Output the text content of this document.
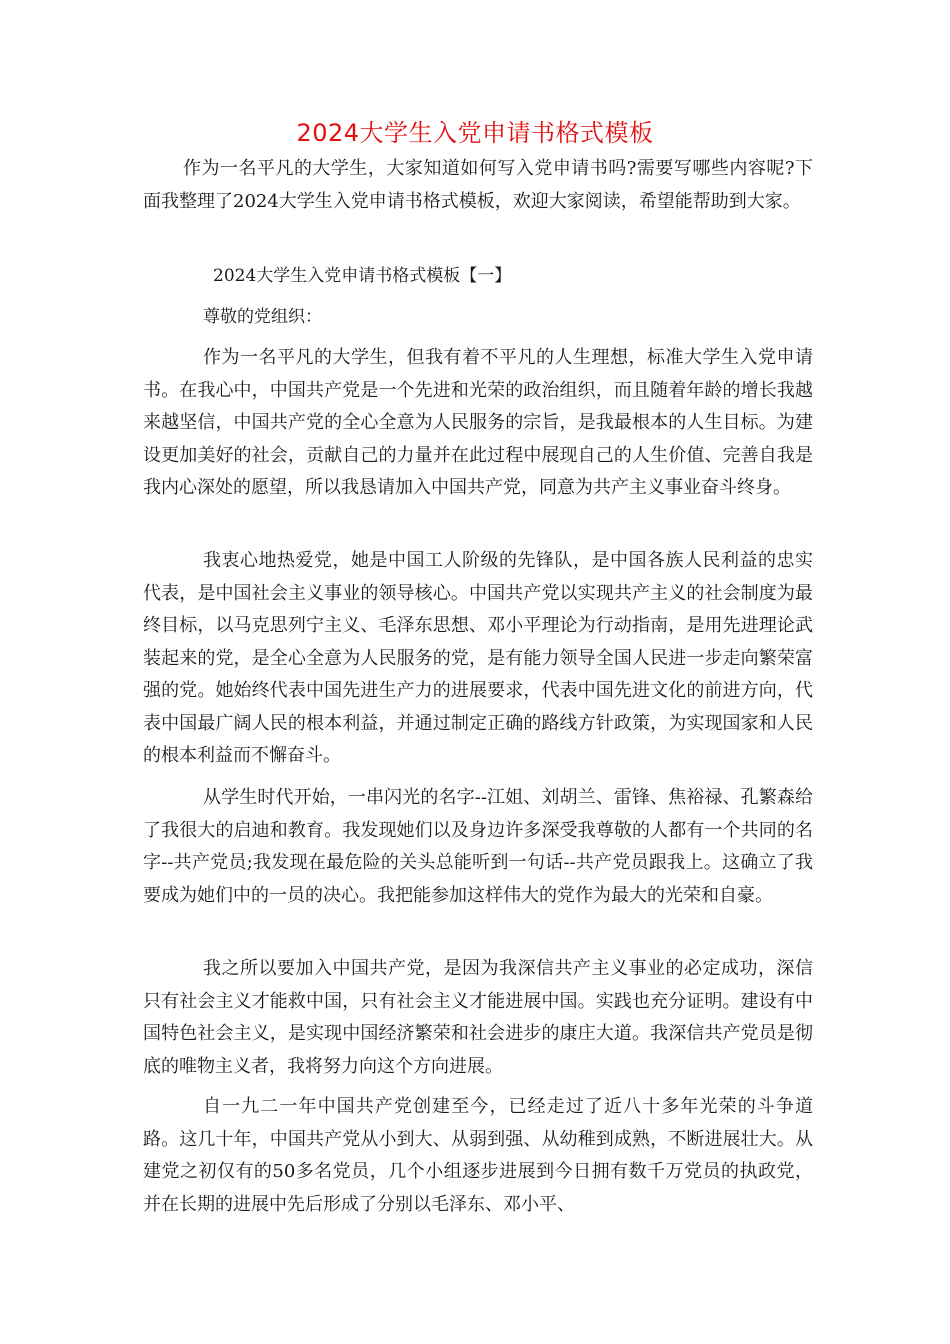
2024大学生入党申请书格式模板

作为一名平凡的大学生，大家知道如何写入党申请书吗?需要写哪些内容呢?下面我整理了2024大学生入党申请书格式模板，欢迎大家阅读，希望能帮助到大家。

2024大学生入党申请书格式模板【一】

尊敬的党组织：

作为一名平凡的大学生，但我有着不平凡的人生理想，标准大学生入党申请书。在我心中，中国共产党是一个先进和光荣的政治组织，而且随着年龄的增长我越来越坚信，中国共产党的全心全意为人民服务的宗旨，是我最根本的人生目标。为建设更加美好的社会，贡献自己的力量并在此过程中展现自己的人生价值、完善自我是我内心深处的愿望，所以我恳请加入中国共产党，同意为共产主义事业奋斗终身。

我衷心地热爱党，她是中国工人阶级的先锋队，是中国各族人民利益的忠实代表，是中国社会主义事业的领导核心。中国共产党以实现共产主义的社会制度为最终目标，以马克思列宁主义、毛泽东思想、邓小平理论为行动指南，是用先进理论武装起来的党，是全心全意为人民服务的党，是有能力领导全国人民进一步走向繁荣富强的党。她始终代表中国先进生产力的进展要求，代表中国先进文化的前进方向，代表中国最广阔人民的根本利益，并通过制定正确的路线方针政策，为实现国家和人民的根本利益而不懈奋斗。

从学生时代开始，一串闪光的名字--江姐、刘胡兰、雷锋、焦裕禄、孔繁森给了我很大的启迪和教育。我发现她们以及身边许多深受我尊敬的人都有一个共同的名字--共产党员;我发现在最危险的关头总能听到一句话--共产党员跟我上。这确立了我要成为她们中的一员的决心。我把能参加这样伟大的党作为最大的光荣和自豪。

我之所以要加入中国共产党，是因为我深信共产主义事业的必定成功，深信只有社会主义才能救中国，只有社会主义才能进展中国。实践也充分证明。建设有中国特色社会主义，是实现中国经济繁荣和社会进步的康庄大道。我深信共产党员是彻底的唯物主义者，我将努力向这个方向进展。

自一九二一年中国共产党创建至今，已经走过了近八十多年光荣的斗争道路。这几十年，中国共产党从小到大、从弱到强、从幼稚到成熟，不断进展壮大。从建党之初仅有的50多名党员，几个小组逐步进展到今日拥有数千万党员的执政党，并在长期的进展中先后形成了分别以毛泽东、邓小平、
